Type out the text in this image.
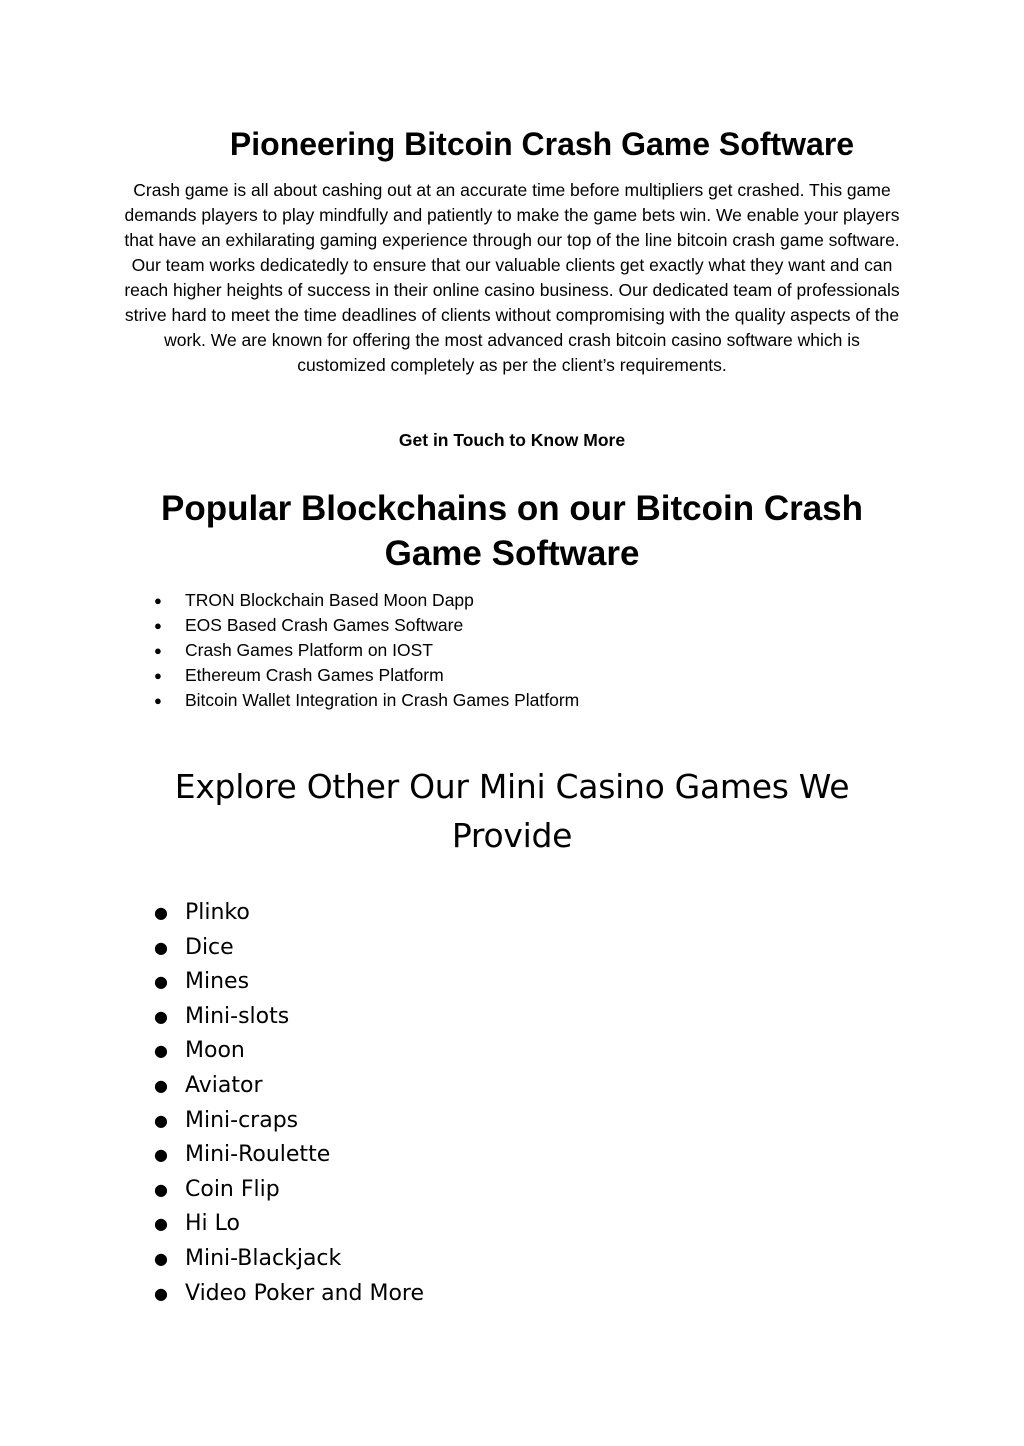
Pioneering Bitcoin Crash Game Software

Crash game is all about cashing out at an accurate time before multipliers get crashed. This game demands players to play mindfully and patiently to make the game bets win. We enable your players that have an exhilarating gaming experience through our top of the line bitcoin crash game software. Our team works dedicatedly to ensure that our valuable clients get exactly what they want and can reach higher heights of success in their online casino business. Our dedicated team of professionals strive hard to meet the time deadlines of clients without compromising with the quality aspects of the work. We are known for offering the most advanced crash bitcoin casino software which is customized completely as per the client’s requirements.

Get in Touch to Know More

Popular Blockchains on our Bitcoin Crash Game Software
● TRON Blockchain Based Moon Dapp
● EOS Based Crash Games Software
● Crash Games Platform on IOST
● Ethereum Crash Games Platform
● Bitcoin Wallet Integration in Crash Games Platform
Explore Other Our Mini Casino Games We Provide
● Plinko
● Dice
● Mines
● Mini-slots
● Moon
● Aviator
● Mini-craps
● Mini-Roulette
● Coin Flip
● Hi Lo
● Mini-Blackjack
● Video Poker and More
